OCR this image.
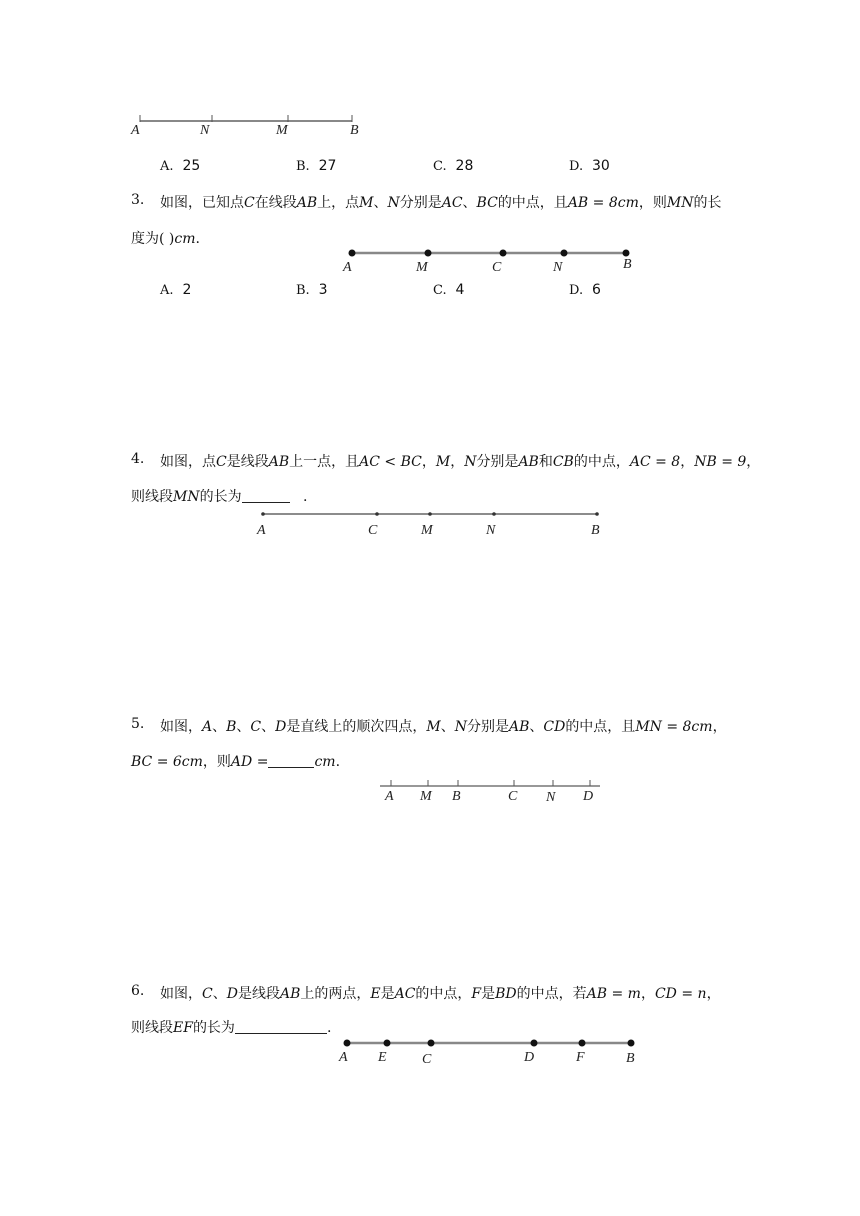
A	N	M	B
A. 25	B. 27	C. 28	D. 30
3. 如图，已知点C在线段AB上，点M、N分别是AC、BC的中点，且AB = 8cm，则MN的长
度为( )cm.
A	M	C	N	B
A. 2	B. 3	C. 4	D. 6
4. 如图，点C是线段AB上一点，且AC < BC，M，N分别是AB和CB的中点，AC = 8，NB = 9，
则线段MN的长为	.
A	C	M	N	B
5. 如图，A、B、C、D是直线上的顺次四点，M、N分别是AB、CD的中点，且MN = 8cm，
BC = 6cm，则AD =	cm.
A M B	C N D
6. 如图，C、D是线段AB上的两点，E是AC的中点，F是BD的中点，若AB = m，CD = n，
则线段EF的长为	.
A E	C	D	F	B
